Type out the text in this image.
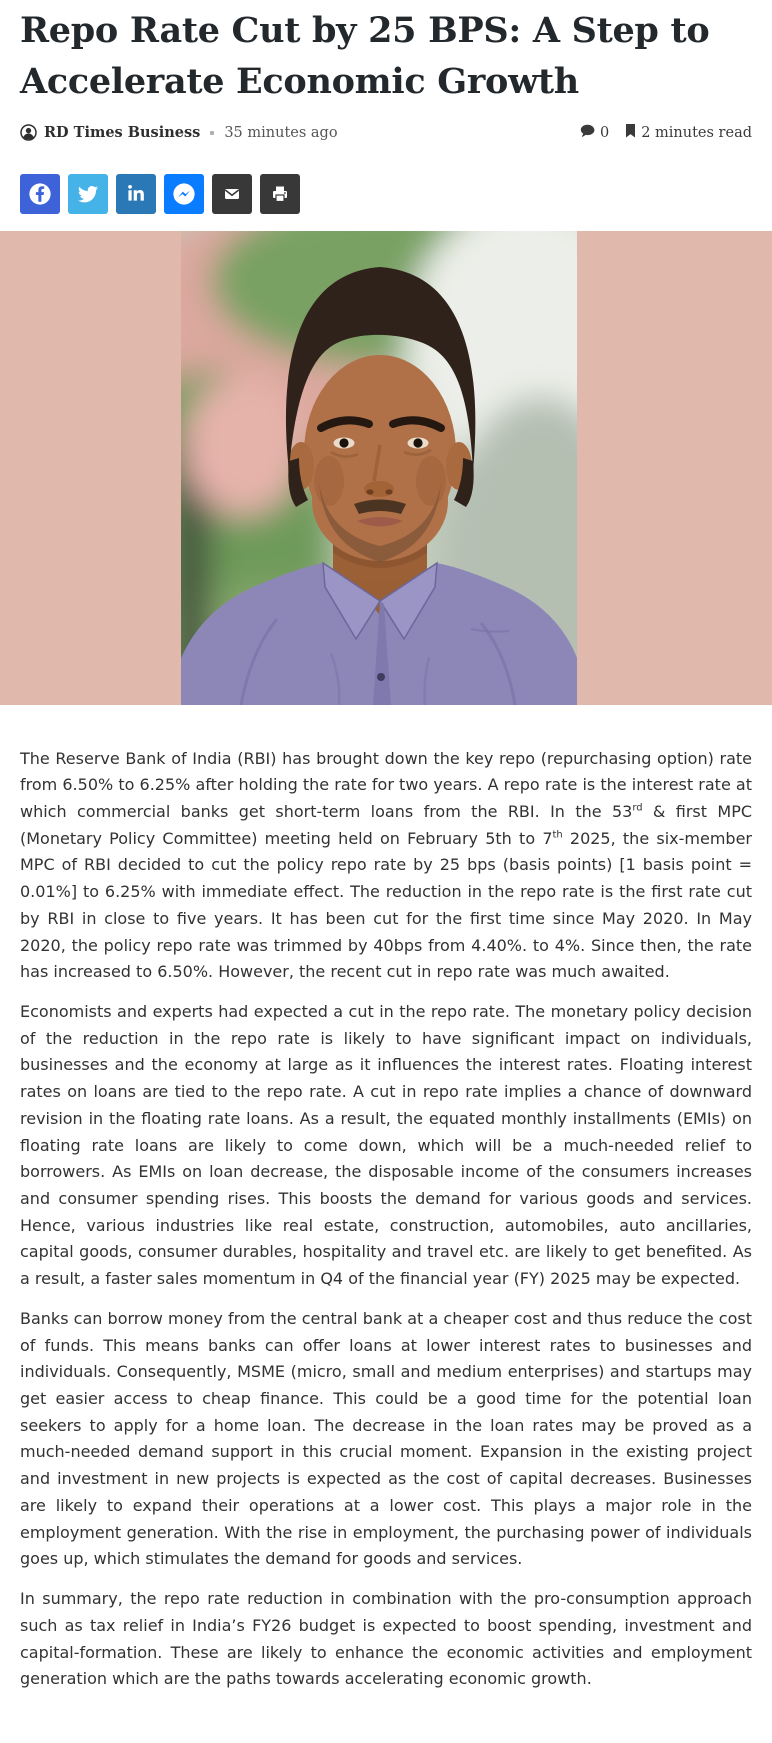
Repo Rate Cut by 25 BPS: A Step to Accelerate Economic Growth
RD Times Business 35 minutes ago	0 2 minutes read

The Reserve Bank of India (RBI) has brought down the key repo (repurchasing option) rate from 6.50% to 6.25% after holding the rate for two years. A repo rate is the interest rate at which commercial banks get short-term loans from the RBI. In the 53rd & first MPC (Monetary Policy Committee) meeting held on February 5th to 7th 2025, the six-member MPC of RBI decided to cut the policy repo rate by 25 bps (basis points) [1 basis point = 0.01%] to 6.25% with immediate effect. The reduction in the repo rate is the first rate cut by RBI in close to five years. It has been cut for the first time since May 2020. In May 2020, the policy repo rate was trimmed by 40bps from 4.40%. to 4%. Since then, the rate has increased to 6.50%. However, the recent cut in repo rate was much awaited.

Economists and experts had expected a cut in the repo rate. The monetary policy decision of the reduction in the repo rate is likely to have significant impact on individuals, businesses and the economy at large as it influences the interest rates. Floating interest rates on loans are tied to the repo rate. A cut in repo rate implies a chance of downward revision in the floating rate loans. As a result, the equated monthly installments (EMIs) on floating rate loans are likely to come down, which will be a much-needed relief to borrowers. As EMIs on loan decrease, the disposable income of the consumers increases and consumer spending rises. This boosts the demand for various goods and services. Hence, various industries like real estate, construction, automobiles, auto ancillaries, capital goods, consumer durables, hospitality and travel etc. are likely to get benefited. As a result, a faster sales momentum in Q4 of the financial year (FY) 2025 may be expected.

Banks can borrow money from the central bank at a cheaper cost and thus reduce the cost of funds. This means banks can offer loans at lower interest rates to businesses and individuals. Consequently, MSME (micro, small and medium enterprises) and startups may get easier access to cheap finance. This could be a good time for the potential loan seekers to apply for a home loan. The decrease in the loan rates may be proved as a much-needed demand support in this crucial moment. Expansion in the existing project and investment in new projects is expected as the cost of capital decreases. Businesses are likely to expand their operations at a lower cost. This plays a major role in the employment generation. With the rise in employment, the purchasing power of individuals goes up, which stimulates the demand for goods and services.

In summary, the repo rate reduction in combination with the pro-consumption approach such as tax relief in India’s FY26 budget is expected to boost spending, investment and capital-formation. These are likely to enhance the economic activities and employment generation which are the paths towards accelerating economic growth.
